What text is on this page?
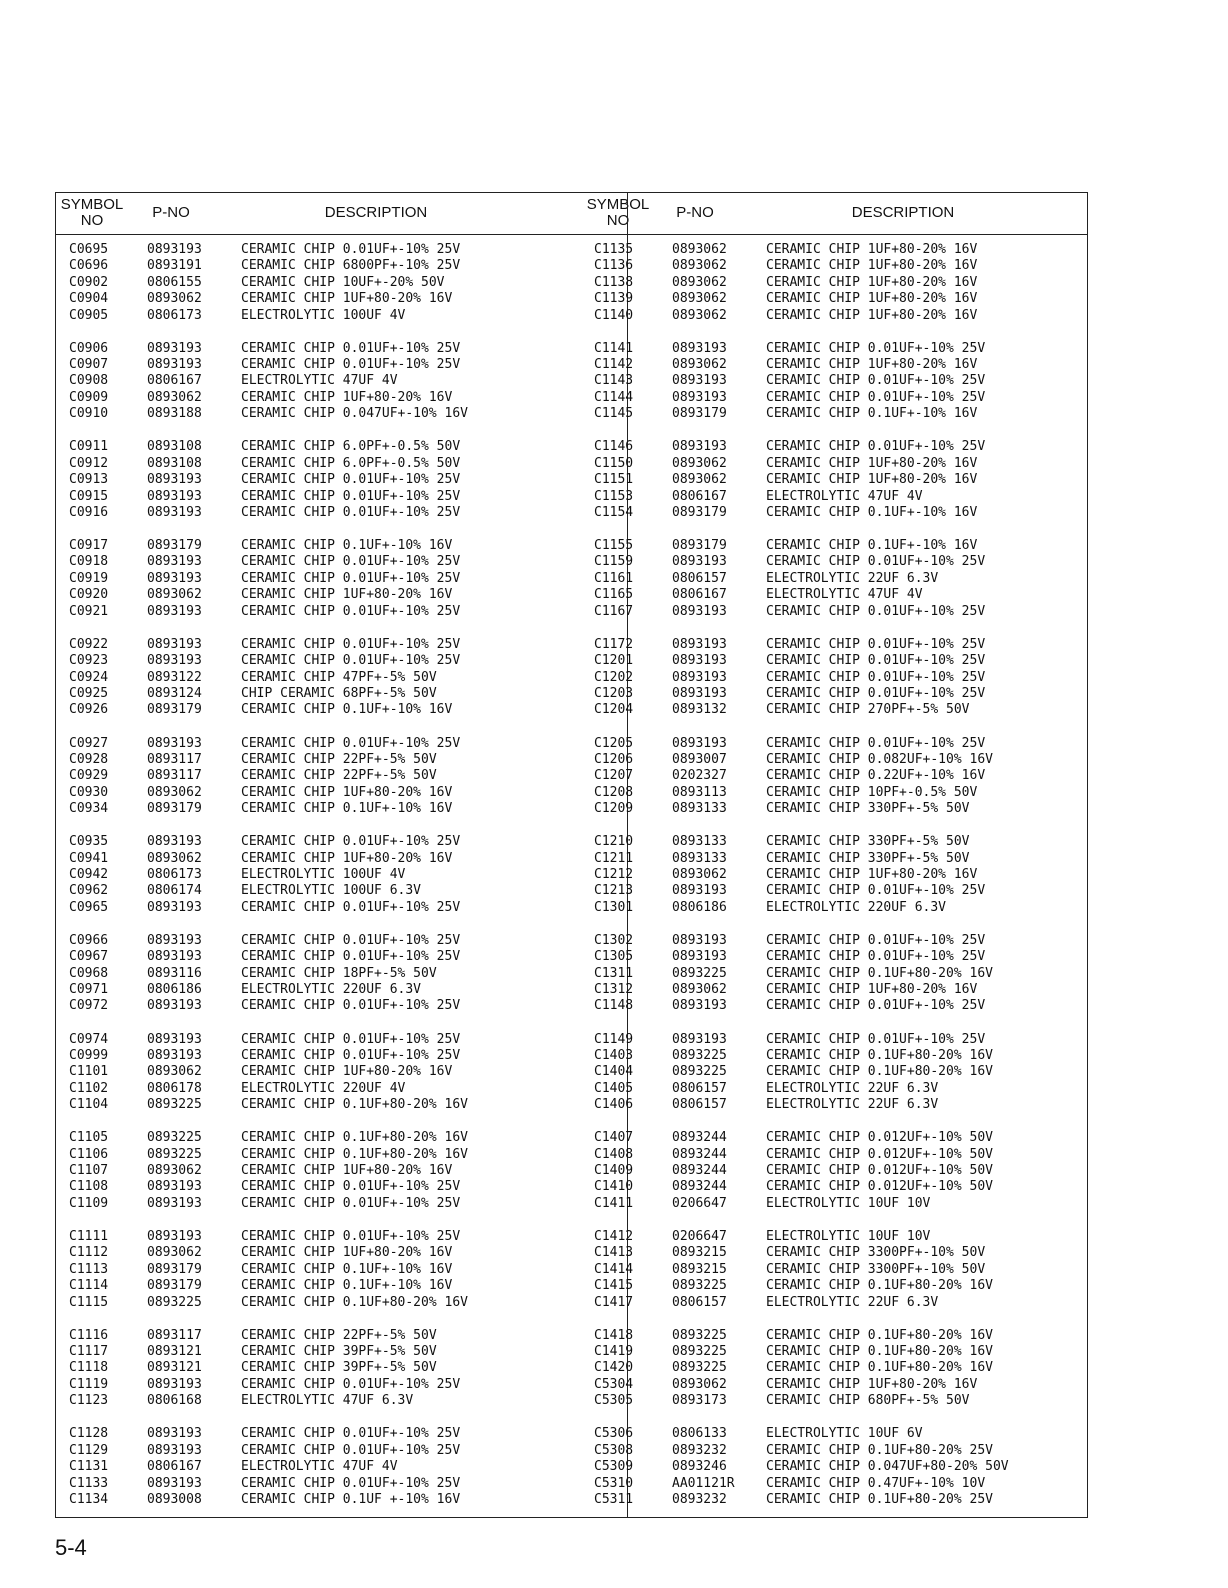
SYMBOL
NO	P-NO	DESCRIPTION	SYMBOL
NO	P-NO	DESCRIPTION
C0695	0893193	CERAMIC CHIP 0.01UF+-10% 25V
C0696	0893191	CERAMIC CHIP 6800PF+-10% 25V
C0902	0806155	CERAMIC CHIP 10UF+-20% 50V
C0904	0893062	CERAMIC CHIP 1UF+80-20% 16V
C0905	0806173	ELECTROLYTIC 100UF 4V
C0906	0893193	CERAMIC CHIP 0.01UF+-10% 25V
C0907	0893193	CERAMIC CHIP 0.01UF+-10% 25V
C0908	0806167	ELECTROLYTIC 47UF 4V
C0909	0893062	CERAMIC CHIP 1UF+80-20% 16V
C0910	0893188	CERAMIC CHIP 0.047UF+-10% 16V
C0911	0893108	CERAMIC CHIP 6.0PF+-0.5% 50V
C0912	0893108	CERAMIC CHIP 6.0PF+-0.5% 50V
C0913	0893193	CERAMIC CHIP 0.01UF+-10% 25V
C0915	0893193	CERAMIC CHIP 0.01UF+-10% 25V
C0916	0893193	CERAMIC CHIP 0.01UF+-10% 25V
C0917	0893179	CERAMIC CHIP 0.1UF+-10% 16V
C0918	0893193	CERAMIC CHIP 0.01UF+-10% 25V
C0919	0893193	CERAMIC CHIP 0.01UF+-10% 25V
C0920	0893062	CERAMIC CHIP 1UF+80-20% 16V
C0921	0893193	CERAMIC CHIP 0.01UF+-10% 25V
C0922	0893193	CERAMIC CHIP 0.01UF+-10% 25V
C0923	0893193	CERAMIC CHIP 0.01UF+-10% 25V
C0924	0893122	CERAMIC CHIP 47PF+-5% 50V
C0925	0893124	CHIP CERAMIC 68PF+-5% 50V
C0926	0893179	CERAMIC CHIP 0.1UF+-10% 16V
C0927	0893193	CERAMIC CHIP 0.01UF+-10% 25V
C0928	0893117	CERAMIC CHIP 22PF+-5% 50V
C0929	0893117	CERAMIC CHIP 22PF+-5% 50V
C0930	0893062	CERAMIC CHIP 1UF+80-20% 16V
C0934	0893179	CERAMIC CHIP 0.1UF+-10% 16V
C0935	0893193	CERAMIC CHIP 0.01UF+-10% 25V
C0941	0893062	CERAMIC CHIP 1UF+80-20% 16V
C0942	0806173	ELECTROLYTIC 100UF 4V
C0962	0806174	ELECTROLYTIC 100UF 6.3V
C0965	0893193	CERAMIC CHIP 0.01UF+-10% 25V
C0966	0893193	CERAMIC CHIP 0.01UF+-10% 25V
C0967	0893193	CERAMIC CHIP 0.01UF+-10% 25V
C0968	0893116	CERAMIC CHIP 18PF+-5% 50V
C0971	0806186	ELECTROLYTIC 220UF 6.3V
C0972	0893193	CERAMIC CHIP 0.01UF+-10% 25V
C0974	0893193	CERAMIC CHIP 0.01UF+-10% 25V
C0999	0893193	CERAMIC CHIP 0.01UF+-10% 25V
C1101	0893062	CERAMIC CHIP 1UF+80-20% 16V
C1102	0806178	ELECTROLYTIC 220UF 4V
C1104	0893225	CERAMIC CHIP 0.1UF+80-20% 16V
C1105	0893225	CERAMIC CHIP 0.1UF+80-20% 16V
C1106	0893225	CERAMIC CHIP 0.1UF+80-20% 16V
C1107	0893062	CERAMIC CHIP 1UF+80-20% 16V
C1108	0893193	CERAMIC CHIP 0.01UF+-10% 25V
C1109	0893193	CERAMIC CHIP 0.01UF+-10% 25V
C1111	0893193	CERAMIC CHIP 0.01UF+-10% 25V
C1112	0893062	CERAMIC CHIP 1UF+80-20% 16V
C1113	0893179	CERAMIC CHIP 0.1UF+-10% 16V
C1114	0893179	CERAMIC CHIP 0.1UF+-10% 16V
C1115	0893225	CERAMIC CHIP 0.1UF+80-20% 16V
C1116	0893117	CERAMIC CHIP 22PF+-5% 50V
C1117	0893121	CERAMIC CHIP 39PF+-5% 50V
C1118	0893121	CERAMIC CHIP 39PF+-5% 50V
C1119	0893193	CERAMIC CHIP 0.01UF+-10% 25V
C1123	0806168	ELECTROLYTIC 47UF 6.3V
C1128	0893193	CERAMIC CHIP 0.01UF+-10% 25V
C1129	0893193	CERAMIC CHIP 0.01UF+-10% 25V
C1131	0806167	ELECTROLYTIC 47UF 4V
C1133	0893193	CERAMIC CHIP 0.01UF+-10% 25V
C1134	0893008	CERAMIC CHIP 0.1UF +-10% 16V
C1135	0893062	CERAMIC CHIP 1UF+80-20% 16V
C1136	0893062	CERAMIC CHIP 1UF+80-20% 16V
C1138	0893062	CERAMIC CHIP 1UF+80-20% 16V
C1139	0893062	CERAMIC CHIP 1UF+80-20% 16V
C1140	0893062	CERAMIC CHIP 1UF+80-20% 16V
C1141	0893193	CERAMIC CHIP 0.01UF+-10% 25V
C1142	0893062	CERAMIC CHIP 1UF+80-20% 16V
C1143	0893193	CERAMIC CHIP 0.01UF+-10% 25V
C1144	0893193	CERAMIC CHIP 0.01UF+-10% 25V
C1145	0893179	CERAMIC CHIP 0.1UF+-10% 16V
C1146	0893193	CERAMIC CHIP 0.01UF+-10% 25V
C1150	0893062	CERAMIC CHIP 1UF+80-20% 16V
C1151	0893062	CERAMIC CHIP 1UF+80-20% 16V
C1153	0806167	ELECTROLYTIC 47UF 4V
C1154	0893179	CERAMIC CHIP 0.1UF+-10% 16V
C1155	0893179	CERAMIC CHIP 0.1UF+-10% 16V
C1159	0893193	CERAMIC CHIP 0.01UF+-10% 25V
C1161	0806157	ELECTROLYTIC 22UF 6.3V
C1165	0806167	ELECTROLYTIC 47UF 4V
C1167	0893193	CERAMIC CHIP 0.01UF+-10% 25V
C1172	0893193	CERAMIC CHIP 0.01UF+-10% 25V
C1201	0893193	CERAMIC CHIP 0.01UF+-10% 25V
C1202	0893193	CERAMIC CHIP 0.01UF+-10% 25V
C1203	0893193	CERAMIC CHIP 0.01UF+-10% 25V
C1204	0893132	CERAMIC CHIP 270PF+-5% 50V
C1205	0893193	CERAMIC CHIP 0.01UF+-10% 25V
C1206	0893007	CERAMIC CHIP 0.082UF+-10% 16V
C1207	0202327	CERAMIC CHIP 0.22UF+-10% 16V
C1208	0893113	CERAMIC CHIP 10PF+-0.5% 50V
C1209	0893133	CERAMIC CHIP 330PF+-5% 50V
C1210	0893133	CERAMIC CHIP 330PF+-5% 50V
C1211	0893133	CERAMIC CHIP 330PF+-5% 50V
C1212	0893062	CERAMIC CHIP 1UF+80-20% 16V
C1213	0893193	CERAMIC CHIP 0.01UF+-10% 25V
C1301	0806186	ELECTROLYTIC 220UF 6.3V
C1302	0893193	CERAMIC CHIP 0.01UF+-10% 25V
C1305	0893193	CERAMIC CHIP 0.01UF+-10% 25V
C1311	0893225	CERAMIC CHIP 0.1UF+80-20% 16V
C1312	0893062	CERAMIC CHIP 1UF+80-20% 16V
C1148	0893193	CERAMIC CHIP 0.01UF+-10% 25V
C1149	0893193	CERAMIC CHIP 0.01UF+-10% 25V
C1403	0893225	CERAMIC CHIP 0.1UF+80-20% 16V
C1404	0893225	CERAMIC CHIP 0.1UF+80-20% 16V
C1405	0806157	ELECTROLYTIC 22UF 6.3V
C1406	0806157	ELECTROLYTIC 22UF 6.3V
C1407	0893244	CERAMIC CHIP 0.012UF+-10% 50V
C1408	0893244	CERAMIC CHIP 0.012UF+-10% 50V
C1409	0893244	CERAMIC CHIP 0.012UF+-10% 50V
C1410	0893244	CERAMIC CHIP 0.012UF+-10% 50V
C1411	0206647	ELECTROLYTIC 10UF 10V
C1412	0206647	ELECTROLYTIC 10UF 10V
C1413	0893215	CERAMIC CHIP 3300PF+-10% 50V
C1414	0893215	CERAMIC CHIP 3300PF+-10% 50V
C1415	0893225	CERAMIC CHIP 0.1UF+80-20% 16V
C1417	0806157	ELECTROLYTIC 22UF 6.3V
C1418	0893225	CERAMIC CHIP 0.1UF+80-20% 16V
C1419	0893225	CERAMIC CHIP 0.1UF+80-20% 16V
C1420	0893225	CERAMIC CHIP 0.1UF+80-20% 16V
C5304	0893062	CERAMIC CHIP 1UF+80-20% 16V
C5305	0893173	CERAMIC CHIP 680PF+-5% 50V
C5306	0806133	ELECTROLYTIC 10UF 6V
C5308	0893232	CERAMIC CHIP 0.1UF+80-20% 25V
C5309	0893246	CERAMIC CHIP 0.047UF+80-20% 50V
C5310	AA01121R	CERAMIC CHIP 0.47UF+-10% 10V
C5311	0893232	CERAMIC CHIP 0.1UF+80-20% 25V
5-4
